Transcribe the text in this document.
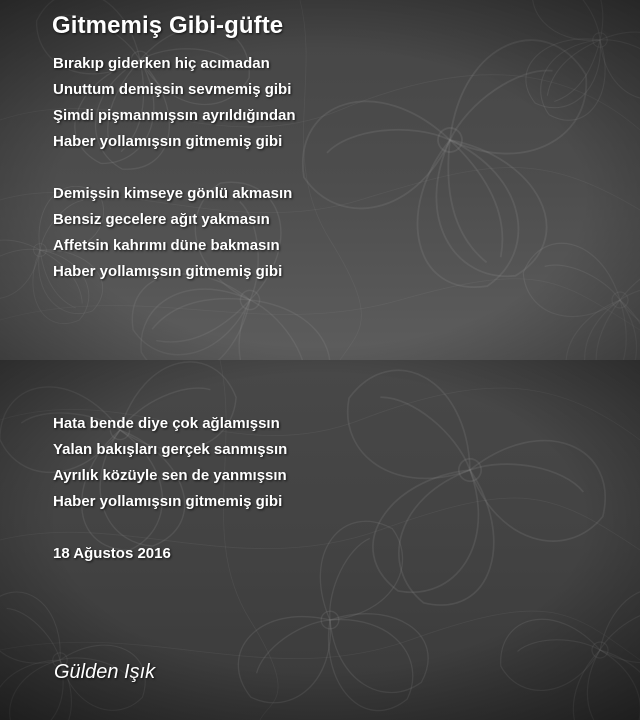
Gitmemiş Gibi-güfte
Bırakıp giderken hiç acımadan
Unuttum demişsin sevmemiş gibi
Şimdi pişmanmışsın ayrıldığından
Haber yollamışsın gitmemiş gibi
Demişsin kimseye gönlü akmasın
Bensiz gecelere ağıt yakmasın
Affetsin kahrımı düne bakmasın
Haber yollamışsın gitmemiş gibi
Hata bende diye çok ağlamışsın
Yalan bakışları gerçek sanmışsın
Ayrılık közüyle sen de yanmışsın
Haber yollamışsın gitmemiş gibi
18 Ağustos 2016
Gülden Işık
